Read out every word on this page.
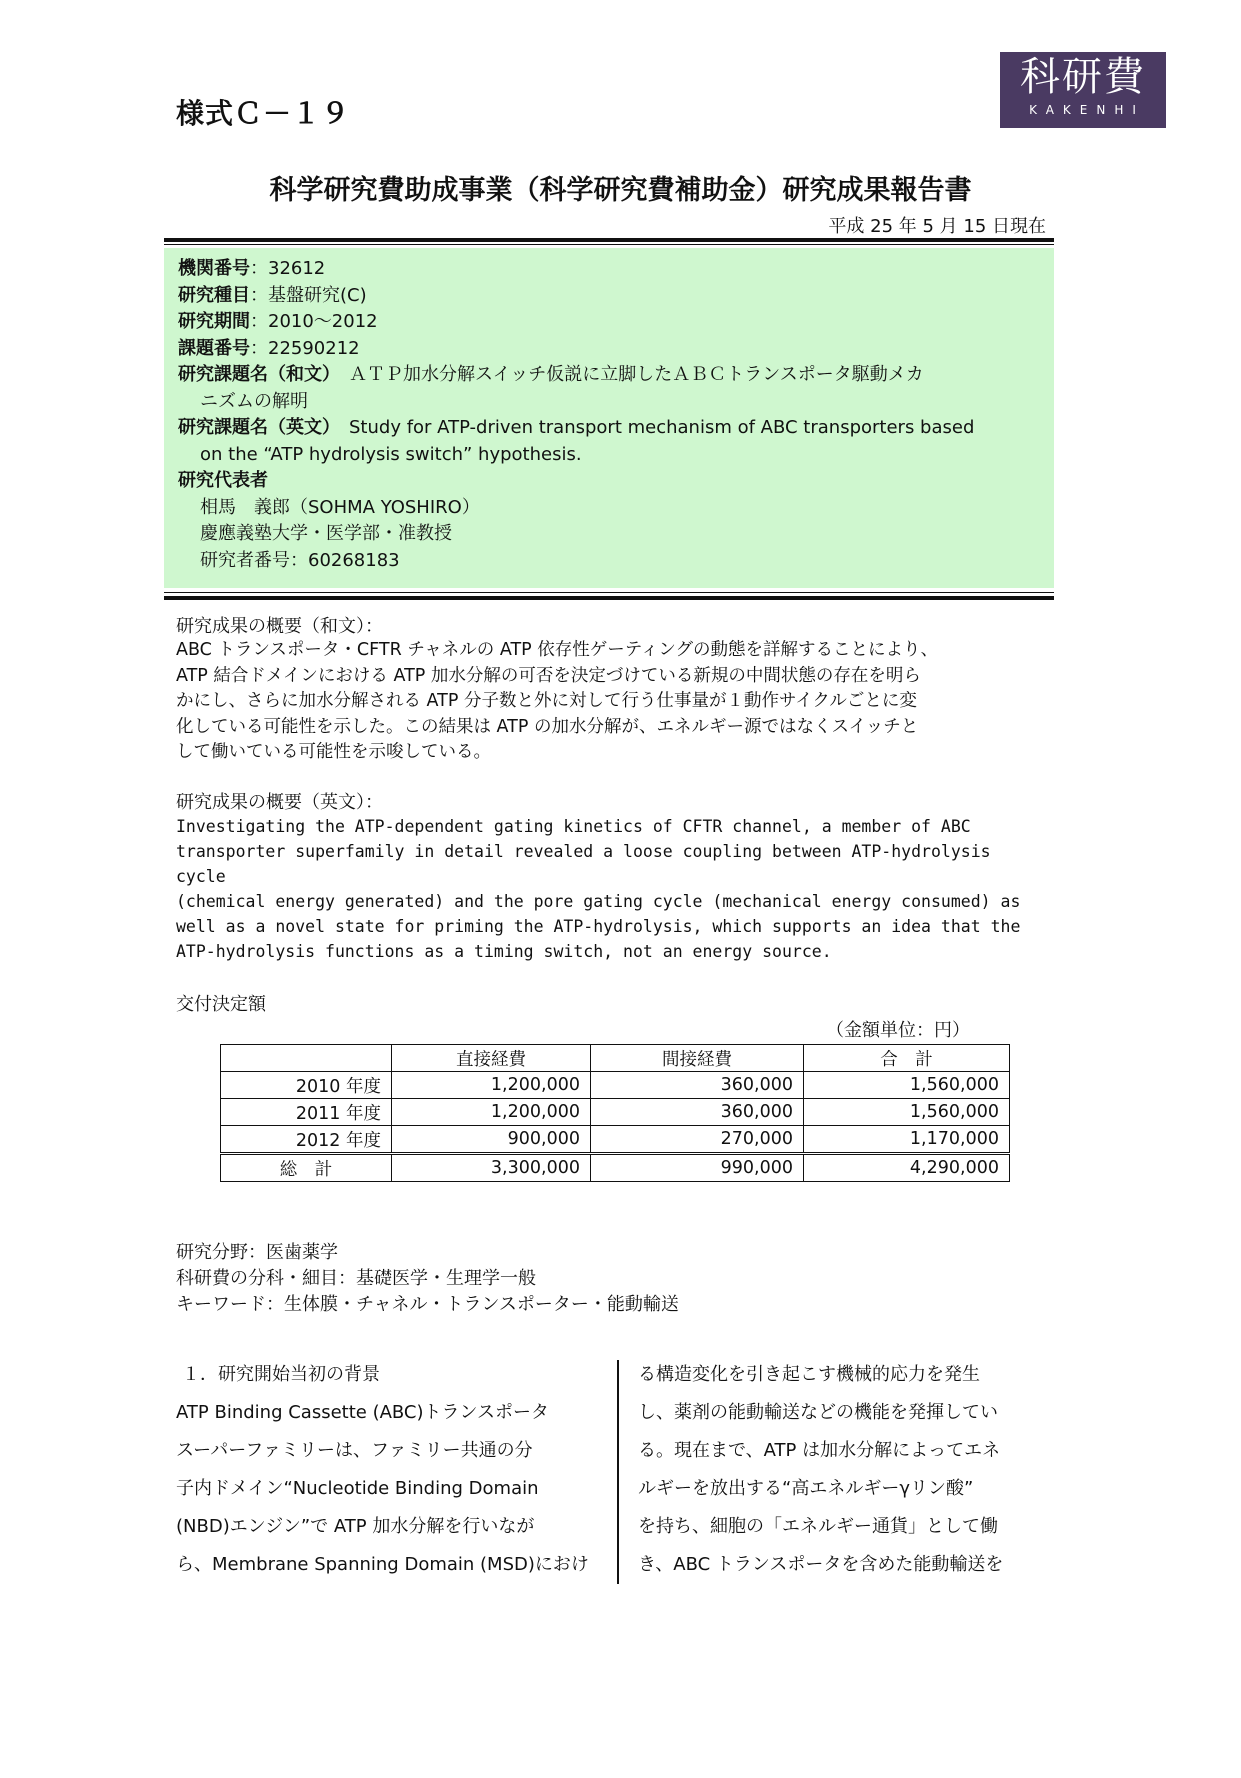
様式Ｃ－１９
科研費
KAKENHI
科学研究費助成事業（科学研究費補助金）研究成果報告書
平成 25 年 5 月 15 日現在
機関番号：32612
研究種目：基盤研究(C)
研究期間：2010～2012
課題番号：22590212
研究課題名（和文）　 ＡＴＰ加水分解スイッチ仮説に立脚したＡＢＣトランスポータ駆動メカ
ニズムの解明
研究課題名（英文）　 Study for ATP-driven transport mechanism of ABC transporters based
on the “ATP hydrolysis switch” hypothesis.
研究代表者
相馬　義郎（SOHMA YOSHIRO）
慶應義塾大学・医学部・准教授
研究者番号：60268183
研究成果の概要（和文）：
ABC トランスポータ・CFTR チャネルの ATP 依存性ゲーティングの動態を詳解することにより、
ATP 結合ドメインにおける ATP 加水分解の可否を決定づけている新規の中間状態の存在を明ら
かにし、さらに加水分解される ATP 分子数と外に対して行う仕事量が１動作サイクルごとに変
化している可能性を示した。この結果は ATP の加水分解が、エネルギー源ではなくスイッチと
して働いている可能性を示唆している。
研究成果の概要（英文）：
Investigating the ATP-dependent gating kinetics of CFTR channel, a member of ABC
transporter superfamily in detail revealed a loose coupling between ATP-hydrolysis cycle
(chemical energy generated) and the pore gating cycle (mechanical energy consumed) as
well as a novel state for priming the ATP-hydrolysis, which supports an idea that the
ATP-hydrolysis functions as a timing switch, not an energy source.
交付決定額
（金額単位：円）
	直接経費	間接経費	合　計
2010 年度	1,200,000	360,000	1,560,000
2011 年度	1,200,000	360,000	1,560,000
2012 年度	900,000	270,000	1,170,000
総　計	3,300,000	990,000	4,290,000
研究分野：医歯薬学
科研費の分科・細目：基礎医学・生理学一般
キーワード：生体膜・チャネル・トランスポーター・能動輸送
１．研究開始当初の背景
ATP Binding Cassette (ABC)トランスポータ
スーパーファミリーは、ファミリー共通の分
子内ドメイン“Nucleotide Binding Domain
(NBD)エンジン”で ATP 加水分解を行いなが
ら、Membrane Spanning Domain (MSD)におけ
る構造変化を引き起こす機械的応力を発生
し、薬剤の能動輸送などの機能を発揮してい
る。現在まで、ATP は加水分解によってエネ
ルギーを放出する“高エネルギーγリン酸”
を持ち、細胞の「エネルギー通貨」として働
き、ABC トランスポータを含めた能動輸送を
